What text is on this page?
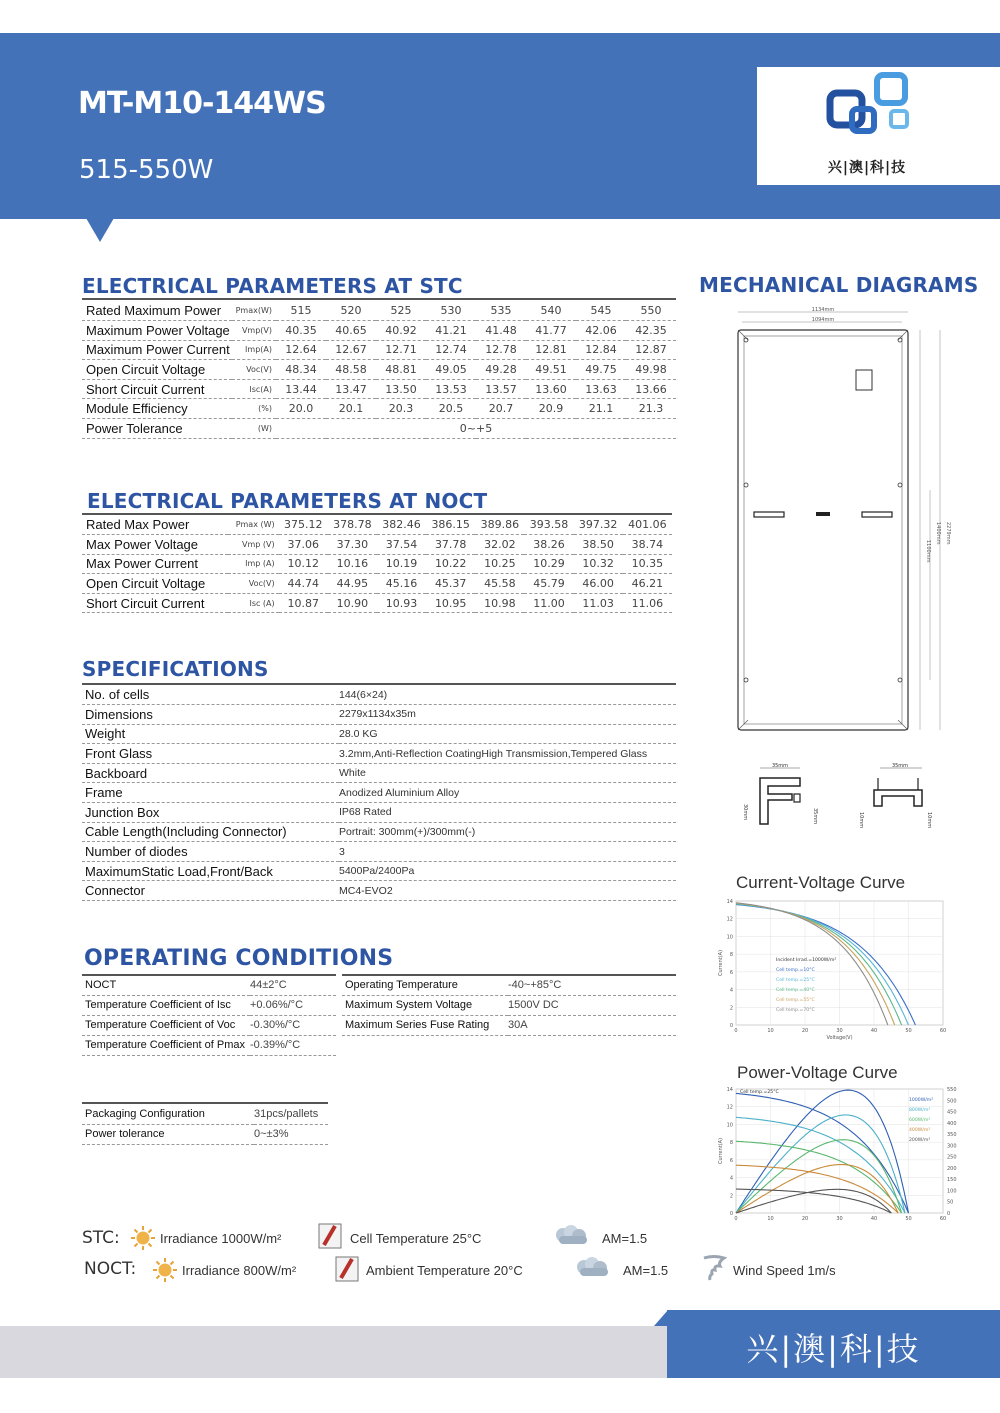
MT-M10-144WS
515-550W	兴|澳|科|技
ELECTRICAL PARAMETERS AT STC
Rated Maximum Power	Pmax(W)	515	520	525	530	535	540	545	550
Maximum Power Voltage	Vmp(V)	40.35	40.65	40.92	41.21	41.48	41.77	42.06	42.35
Maximum Power Current	Imp(A)	12.64	12.67	12.71	12.74	12.78	12.81	12.84	12.87
Open Circuit Voltage	Voc(V)	48.34	48.58	48.81	49.05	49.28	49.51	49.75	49.98
Short Circuit Current	Isc(A)	13.44	13.47	13.50	13.53	13.57	13.60	13.63	13.66
Module Efficiency	(%)	20.0	20.1	20.3	20.5	20.7	20.9	21.1	21.3
Power Tolerance	(W)	0~+5							
ELECTRICAL PARAMETERS AT NOCT
Rated Max Power	Pmax (W)	375.12	378.78	382.46	386.15	389.86	393.58	397.32	401.06
Max Power Voltage	Vmp (V)	37.06	37.30	37.54	37.78	32.02	38.26	38.50	38.74
Max Power Current	Imp (A)	10.12	10.16	10.19	10.22	10.25	10.29	10.32	10.35
Open Circuit Voltage	Voc(V)	44.74	44.95	45.16	45.37	45.58	45.79	46.00	46.21
Short Circuit Current	Isc (A)	10.87	10.90	10.93	10.95	10.98	11.00	11.03	11.06
SPECIFICATIONS
No. of cells	144(6×24)
Dimensions	2279x1134x35m
Weight	28.0 KG
Front Glass	3.2mm,Anti-Reflection CoatingHigh Transmission,Tempered Glass
Backboard	White
Frame	Anodized Aluminium Alloy
Junction Box	IP68 Rated
Cable Length(Including Connector)	Portrait: 300mm(+)/300mm(-)
Number of diodes	3
MaximumStatic Load,Front/Back	5400Pa/2400Pa
Connector	MC4-EVO2
OPERATING CONDITIONS
NOCT	44±2°C
Temperature Coefficient of Isc	+0.06%/°C
Temperature Coefficient of Voc	-0.30%/°C
Temperature Coefficient of Pmax	-0.39%/°C
Operating Temperature	-40~+85°C
Maximum System Voltage	1500V DC
Maximum Series Fuse Rating	30A
Packaging Configuration	31pcs/pallets
Power tolerance	0~±3%
STC:	Irradiance 1000W/m²	Cell Temperature 25°C	AM=1.5
NOCT:	Irradiance 800W/m²	Ambient Temperature 20°C	AM=1.5	Wind Speed 1m/s
MECHANICAL DIAGRAMS
1134mm
1094mm
1100mm
1400mm 2279mm
35mm
30mm	35mm
35mm
10mm	10mm
Current-Voltage Curve
0
2
4
6
8
10
12
14
0	10	20	30	40	50	60
Current(A)
Voltage(V)
Incident Irrad.=1000W/m²
Cell temp.=10°C
Cell temp.=25°C
Cell temp.=40°C
Cell temp.=55°C
Cell temp.=70°C
Power-Voltage Curve
0
2
4
6
8
10
12
14
0	10	20	30	40	50	60
0
50
100
150
200
250
300
350
400
450
500
550
Current(A)
Cell temp.=25°C
1000W/m²
800W/m²
600W/m²
400W/m²
200W/m²
兴|澳|科|技
